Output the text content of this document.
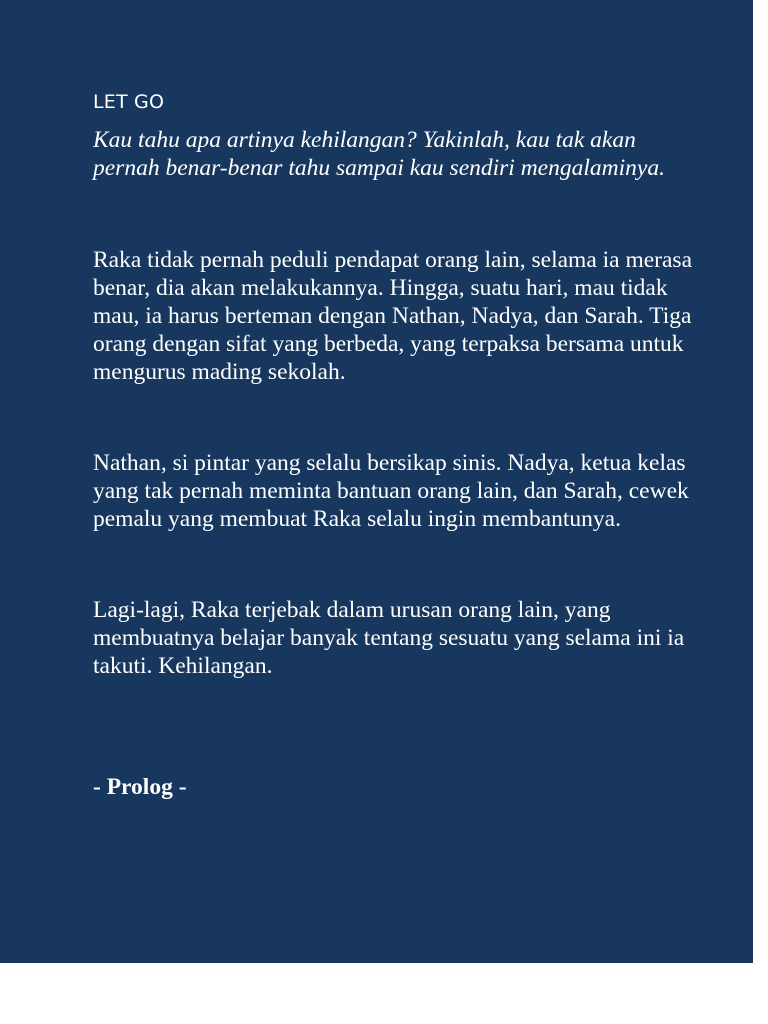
LET GO

Kau tahu apa artinya kehilangan? Yakinlah, kau tak akan pernah benar-benar tahu sampai kau sendiri mengalaminya.

Raka tidak pernah peduli pendapat orang lain, selama ia merasa benar, dia akan melakukannya. Hingga, suatu hari, mau tidak mau, ia harus berteman dengan Nathan, Nadya, dan Sarah. Tiga orang dengan sifat yang berbeda, yang terpaksa bersama untuk mengurus mading sekolah.

Nathan, si pintar yang selalu bersikap sinis. Nadya, ketua kelas yang tak pernah meminta bantuan orang lain, dan Sarah, cewek pemalu yang membuat Raka selalu ingin membantunya.

Lagi-lagi, Raka terjebak dalam urusan orang lain, yang membuatnya belajar banyak tentang sesuatu yang selama ini ia takuti. Kehilangan.

- Prolog -
